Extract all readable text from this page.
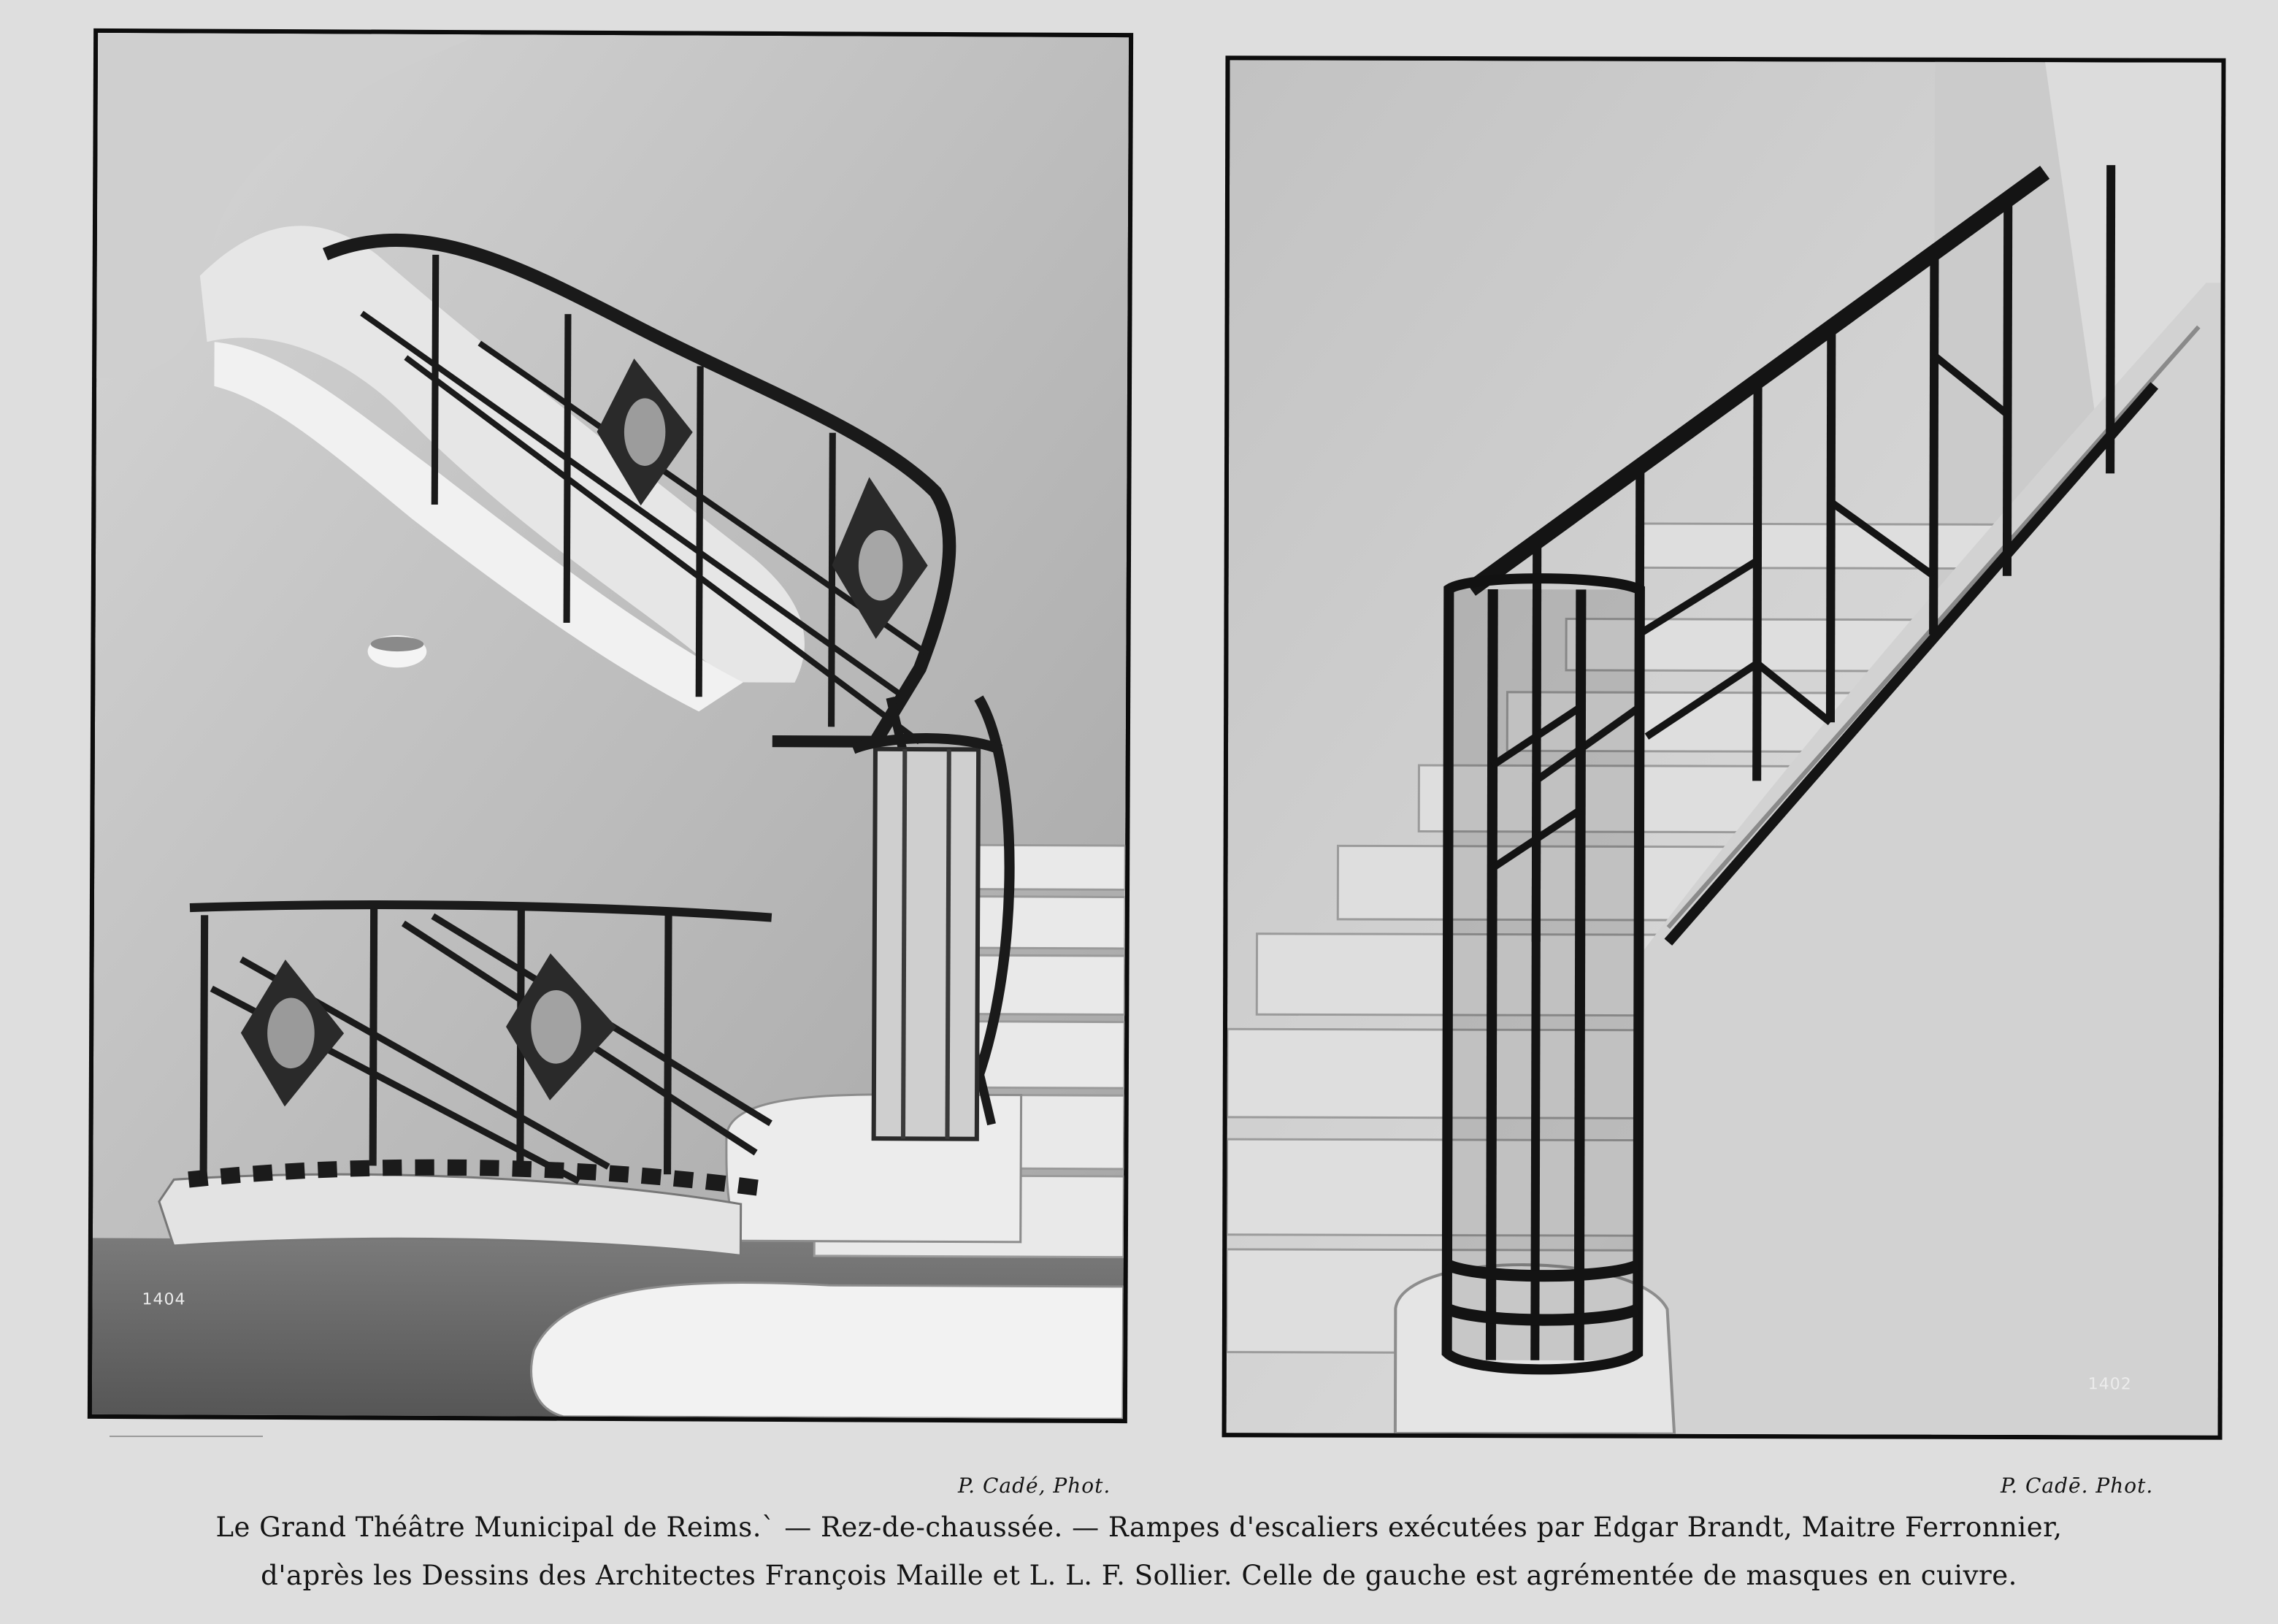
1404
1402
P. Cadé, Phot.	P. Cadē. Phot.
Le Grand Théâtre Municipal de Reims.` — Rez-de-chaussée. — Rampes d'escaliers exécutées par Edgar Brandt, Maitre Ferronnier,
d'après les Dessins des Architectes François Maille et L. L. F. Sollier. Celle de gauche est agrémentée de masques en cuivre.
